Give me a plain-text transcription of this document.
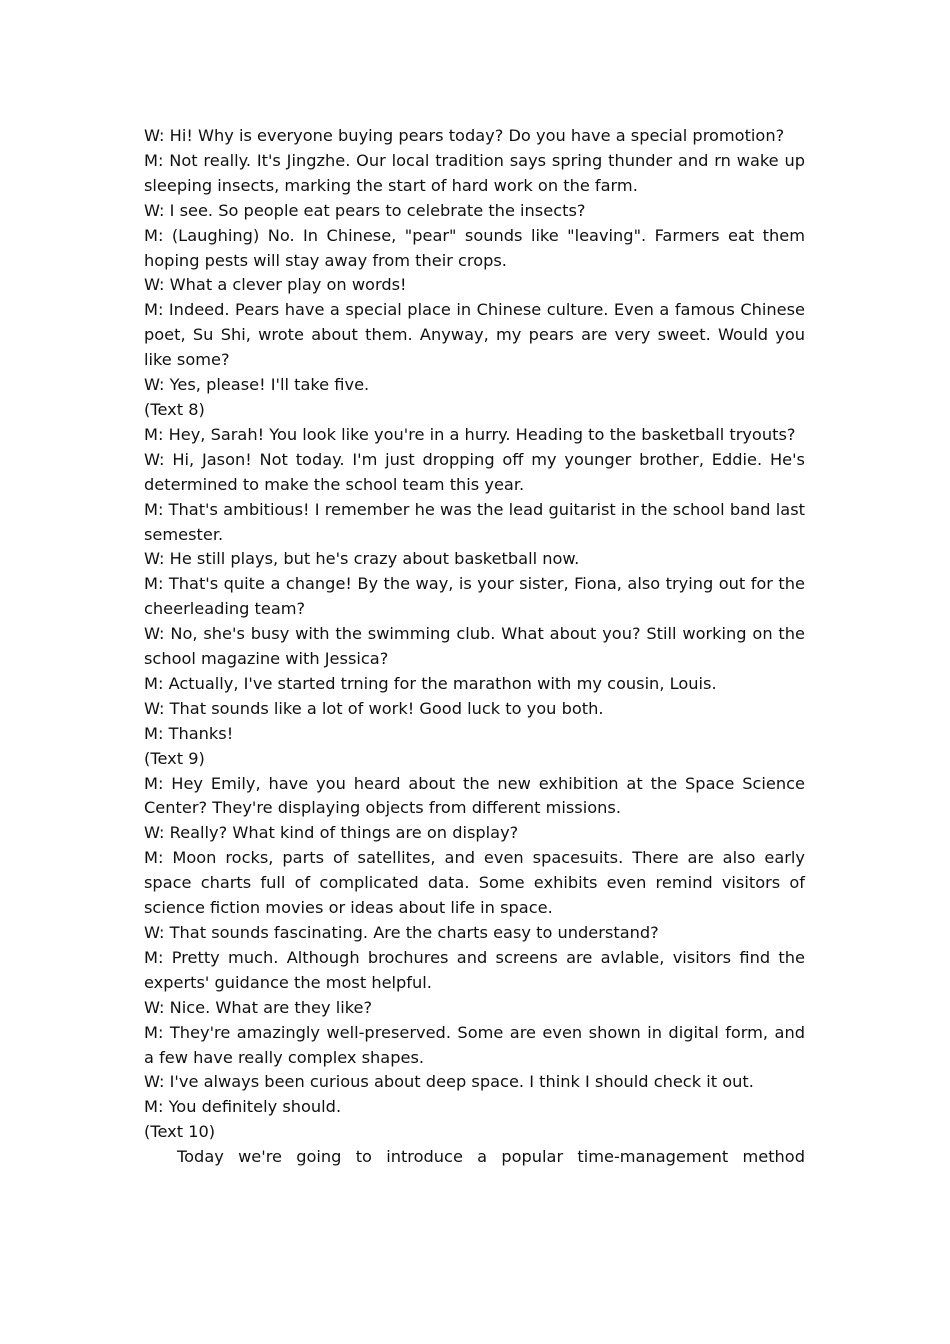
W: Hi! Why is everyone buying pears today? Do you have a special promotion?

M: Not really. It's Jingzhe. Our local tradition says spring thunder and rn wake up sleeping insects, marking the start of hard work on the farm.

W: I see. So people eat pears to celebrate the insects?

M: (Laughing) No. In Chinese, "pear" sounds like "leaving". Farmers eat them hoping pests will stay away from their crops.

W: What a clever play on words!

M: Indeed. Pears have a special place in Chinese culture. Even a famous Chinese poet, Su Shi, wrote about them. Anyway, my pears are very sweet. Would you like some?

W: Yes, please! I'll take five.

(Text 8)

M: Hey, Sarah! You look like you're in a hurry. Heading to the basketball tryouts?

W: Hi, Jason! Not today. I'm just dropping off my younger brother, Eddie. He's determined to make the school team this year.

M: That's ambitious! I remember he was the lead guitarist in the school band last semester.

W: He still plays, but he's crazy about basketball now.

M: That's quite a change! By the way, is your sister, Fiona, also trying out for the cheerleading team?

W: No, she's busy with the swimming club. What about you? Still working on the school magazine with Jessica?

M: Actually, I've started trning for the marathon with my cousin, Louis.

W: That sounds like a lot of work! Good luck to you both.

M: Thanks!

(Text 9)

M: Hey Emily, have you heard about the new exhibition at the Space Science Center? They're displaying objects from different missions.

W: Really? What kind of things are on display?

M: Moon rocks, parts of satellites, and even spacesuits. There are also early space charts full of complicated data. Some exhibits even remind visitors of science fiction movies or ideas about life in space.

W: That sounds fascinating. Are the charts easy to understand?

M: Pretty much. Although brochures and screens are avlable, visitors find the experts' guidance the most helpful.

W: Nice. What are they like?

M: They're amazingly well-preserved. Some are even shown in digital form, and a few have really complex shapes.

W: I've always been curious about deep space. I think I should check it out.

M: You definitely should.

(Text 10)

Today we're going to introduce a popular time-management method
